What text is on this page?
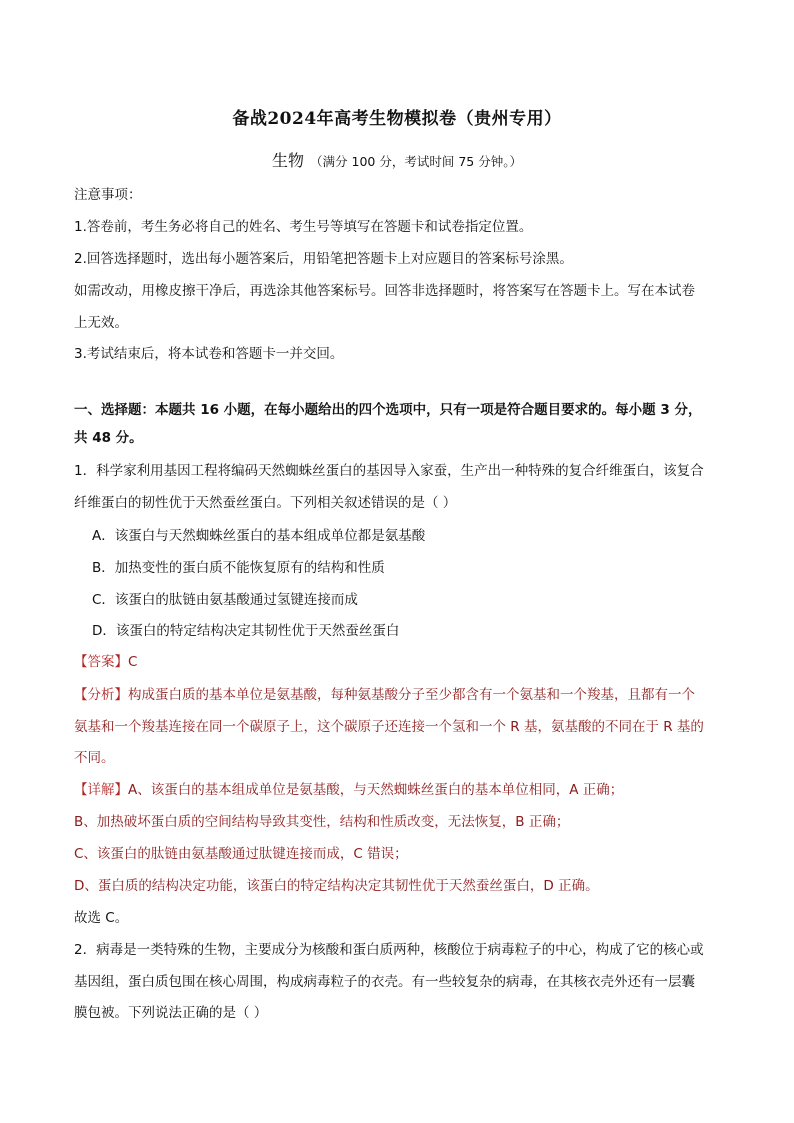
备战2024年高考生物模拟卷（贵州专用）
生物 （满分 100 分，考试时间 75 分钟。）
注意事项：
1.答卷前，考生务必将自己的姓名、考生号等填写在答题卡和试卷指定位置。
2.回答选择题时，选出每小题答案后，用铅笔把答题卡上对应题目的答案标号涂黑。
如需改动，用橡皮擦干净后，再选涂其他答案标号。回答非选择题时，将答案写在答题卡上。写在本试卷
上无效。
3.考试结束后，将本试卷和答题卡一并交回。
一、选择题：本题共 16 小题，在每小题给出的四个选项中，只有一项是符合题目要求的。每小题 3 分，
共 48 分。
1．科学家利用基因工程将编码天然蜘蛛丝蛋白的基因导入家蚕，生产出一种特殊的复合纤维蛋白，该复合
纤维蛋白的韧性优于天然蚕丝蛋白。下列相关叙述错误的是（ ）
A．该蛋白与天然蜘蛛丝蛋白的基本组成单位都是氨基酸
B．加热变性的蛋白质不能恢复原有的结构和性质
C．该蛋白的肽链由氨基酸通过氢键连接而成
D．该蛋白的特定结构决定其韧性优于天然蚕丝蛋白
【答案】C
【分析】构成蛋白质的基本单位是氨基酸，每种氨基酸分子至少都含有一个氨基和一个羧基，且都有一个
氨基和一个羧基连接在同一个碳原子上，这个碳原子还连接一个氢和一个 R 基，氨基酸的不同在于 R 基的
不同。
【详解】A、该蛋白的基本组成单位是氨基酸，与天然蜘蛛丝蛋白的基本单位相同，A 正确；
B、加热破坏蛋白质的空间结构导致其变性，结构和性质改变，无法恢复，B 正确；
C、该蛋白的肽链由氨基酸通过肽键连接而成，C 错误；
D、蛋白质的结构决定功能，该蛋白的特定结构决定其韧性优于天然蚕丝蛋白，D 正确。
故选 C。
2．病毒是一类特殊的生物，主要成分为核酸和蛋白质两种，核酸位于病毒粒子的中心，构成了它的核心或
基因组，蛋白质包围在核心周围，构成病毒粒子的衣壳。有一些较复杂的病毒，在其核衣壳外还有一层囊
膜包被。下列说法正确的是（ ）
